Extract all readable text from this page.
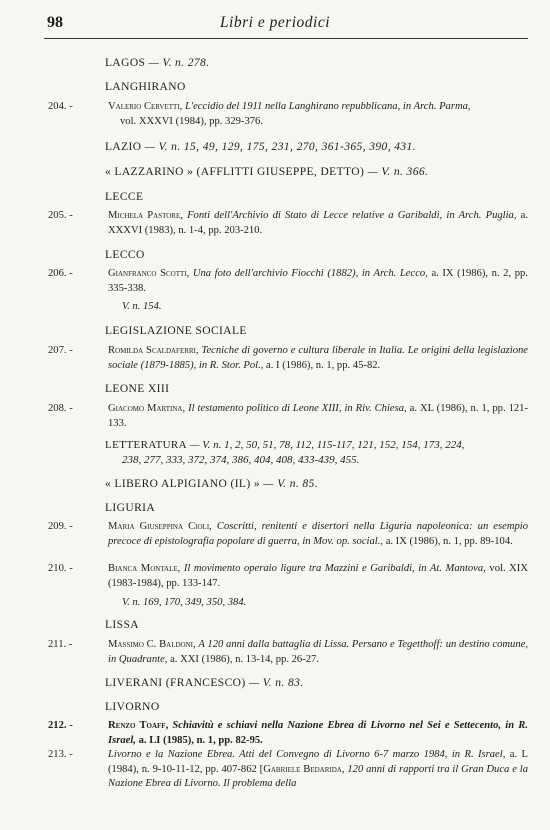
98	Libri e periodici
LAGOS — V. n. 278.
LANGHIRANO
204. -	Valerio Cervetti, L'eccidio del 1911 nella Langhirano repubblicana, in Arch. Parma,
vol. XXXVI (1984), pp. 329-376.
LAZIO — V. n. 15, 49, 129, 175, 231, 270, 361-365, 390, 431.
« LAZZARINO » (AFFLITTI GIUSEPPE, DETTO) — V. n. 366.
LECCE
205. -	Michela Pastore, Fonti dell'Archivio di Stato di Lecce relative a Garibaldi, in Arch. Puglia, a. XXXVI (1983), n. 1-4, pp. 203-210.
LECCO
206. -	Gianfranco Scotti, Una foto dell'archivio Fiocchi (1882), in Arch. Lecco, a. IX (1986), n. 2, pp. 335-338.
V. n. 154.
LEGISLAZIONE SOCIALE
207. -	Romilda Scaldaferri, Tecniche di governo e cultura liberale in Italia. Le origini della legislazione sociale (1879-1885), in R. Stor. Pol., a. I (1986), n. 1, pp. 45-82.
LEONE XIII
208. -	Giacomo Martina, Il testamento politico di Leone XIII, in Riv. Chiesa, a. XL (1986), n. 1, pp. 121-133.
LETTERATURA — V. n. 1, 2, 50, 51, 78, 112, 115-117, 121, 152, 154, 173, 224,
238, 277, 333, 372, 374, 386, 404, 408, 433-439, 455.
« LIBERO ALPIGIANO (IL) » — V. n. 85.
LIGURIA
209. -	Maria Giuseppina Cioli, Coscritti, renitenti e disertori nella Liguria napoleonica: un esempio precoce di epistolografia popolare di guerra, in Mov. op. social., a. IX (1986), n. 1, pp. 89-104.
210. -	Bianca Montale, Il movimento operaio ligure tra Mazzini e Garibaldi, in At. Mantova, vol. XIX (1983-1984), pp. 133-147.
V. n. 169, 170, 349, 350, 384.
LISSA
211. -	Massimo C. Baldoni, A 120 anni dalla battaglia di Lissa. Persano e Tegetthoff: un destino comune, in Quadrante, a. XXI (1986), n. 13-14, pp. 26-27.
LIVERANI (FRANCESCO) — V. n. 83.
LIVORNO
212. -	Renzo Toaff, Schiavitù e schiavi nella Nazione Ebrea di Livorno nel Sei e Settecento, in R. Israel, a. LI (1985), n. 1, pp. 82-95.
213. -	Livorno e la Nazione Ebrea. Atti del Convegno di Livorno 6-7 marzo 1984, in R. Israel, a. L (1984), n. 9-10-11-12, pp. 407-862 [Gabriele Bedarida, 120 anni di rapporti tra il Gran Duca e la Nazione Ebrea di Livorno. Il problema della
